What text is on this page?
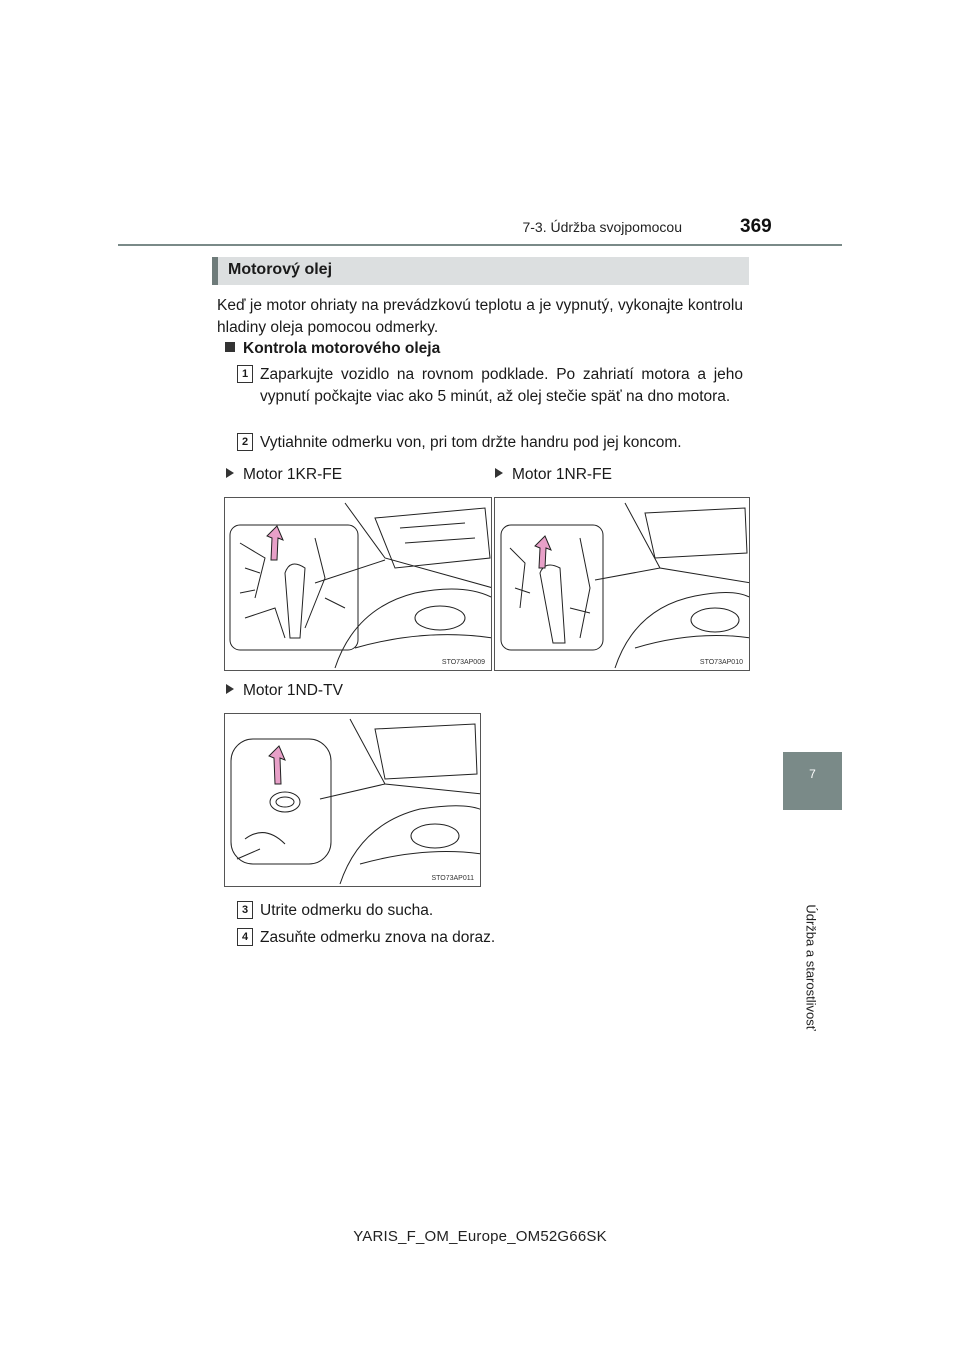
7-3. Údržba svojpomocou	369
7
Údržba a starostlivosť
Motorový olej
Keď je motor ohriaty na prevádzkovú teplotu a je vypnutý, vykonajte kontrolu hladiny oleja pomocou odmerky.
Kontrola motorového oleja
1 Zaparkujte vozidlo na rovnom podklade. Po zahriatí motora a jeho vypnutí počkajte viac ako 5 minút, až olej stečie späť na dno motora.
2 Vytiahnite odmerku von, pri tom držte handru pod jej koncom.
Motor 1KR-FE	Motor 1NR-FE
STO73AP009	STO73AP010
Motor 1ND-TV
STO73AP011
3 Utrite odmerku do sucha.
4 Zasuňte odmerku znova na doraz.
YARIS_F_OM_Europe_OM52G66SK
